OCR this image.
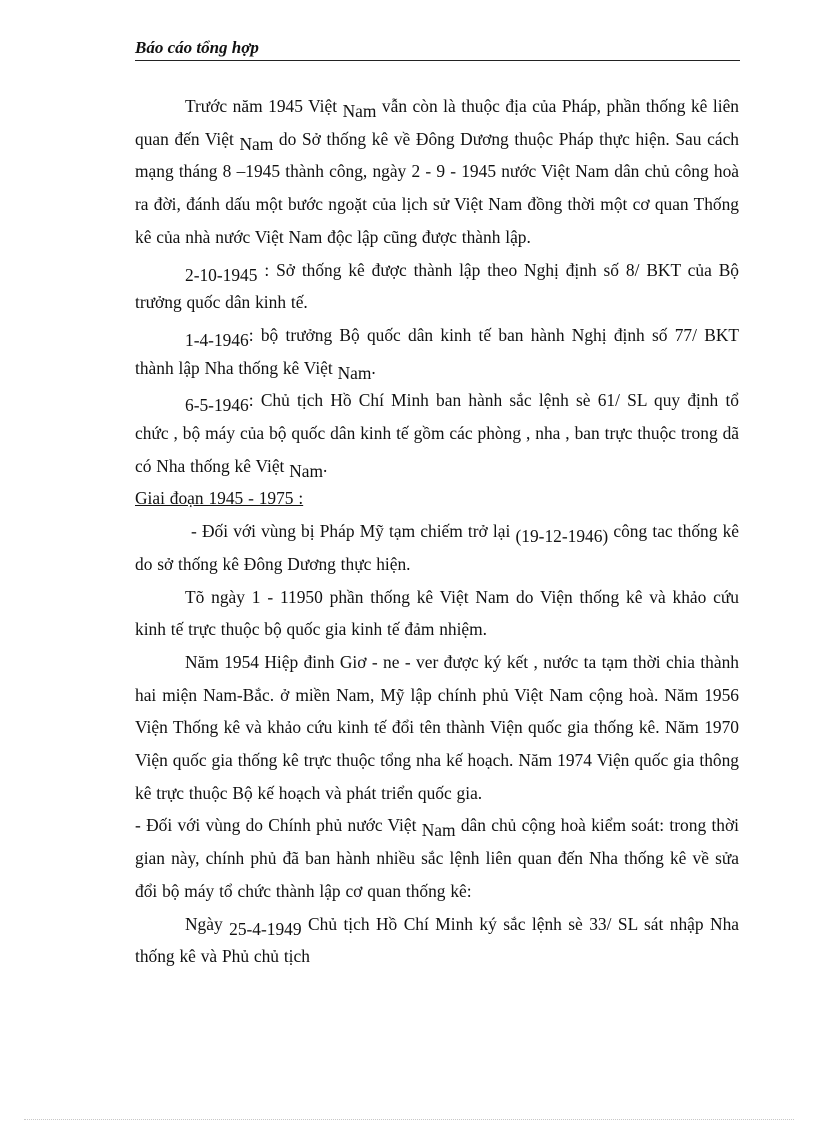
Báo cáo tổng hợp

Trước năm 1945 Việt Nam vẫn còn là thuộc địa của Pháp, phần thống kê liên quan đến Việt Nam do Sở thống kê về Đông Dương thuộc Pháp thực hiện. Sau cách mạng tháng 8 –1945 thành công, ngày 2 - 9 - 1945 nước Việt Nam dân chủ công hoà ra đời, đánh dấu một bước ngoặt của lịch sử Việt Nam đồng thời một cơ quan Thống kê của nhà nước Việt Nam độc lập cũng được thành lập.

2-10-1945 : Sở thống kê được thành lập theo Nghị định số 8/ BKT của Bộ trưởng quốc dân kinh tế.

1-4-1946: bộ trưởng Bộ quốc dân kinh tế ban hành Nghị định số 77/ BKT thành lập Nha thống kê Việt Nam.

6-5-1946: Chủ tịch Hồ Chí Minh ban hành sắc lệnh sè 61/ SL quy định tổ chức , bộ máy của bộ quốc dân kinh tế gồm các phòng , nha , ban trực thuộc trong dã có Nha thống kê Việt Nam.

Giai đoạn 1945 - 1975 :

- Đối với vùng bị Pháp Mỹ tạm chiếm trở lại (19-12-1946) công tac thống kê do sở thống kê Đông Dương thực hiện.

Tõ ngày 1 - 11950 phần thống kê Việt Nam do Viện thống kê và khảo cứu kinh tế trực thuộc bộ quốc gia kinh tế đảm nhiệm.

Năm 1954 Hiệp đinh Giơ - ne - ver được ký kết , nước ta tạm thời chia thành hai miện Nam-Bắc. ở miền Nam, Mỹ lập chính phủ Việt Nam cộng hoà. Năm 1956 Viện Thống kê và khảo cứu kinh tế đổi tên thành Viện quốc gia thống kê. Năm 1970 Viện quốc gia thống kê trực thuộc tổng nha kế hoạch. Năm 1974 Viện quốc gia thông kê trực thuộc Bộ kế hoạch và phát triển quốc gia.

- Đối với vùng do Chính phủ nước Việt Nam dân chủ cộng hoà kiểm soát: trong thời gian này, chính phủ đã ban hành nhiều sắc lệnh liên quan đến Nha thống kê về sửa đổi bộ máy tổ chức thành lập cơ quan thống kê:

Ngày 25-4-1949 Chủ tịch Hồ Chí Minh ký sắc lệnh sè 33/ SL sát nhập Nha thống kê và Phủ chủ tịch
